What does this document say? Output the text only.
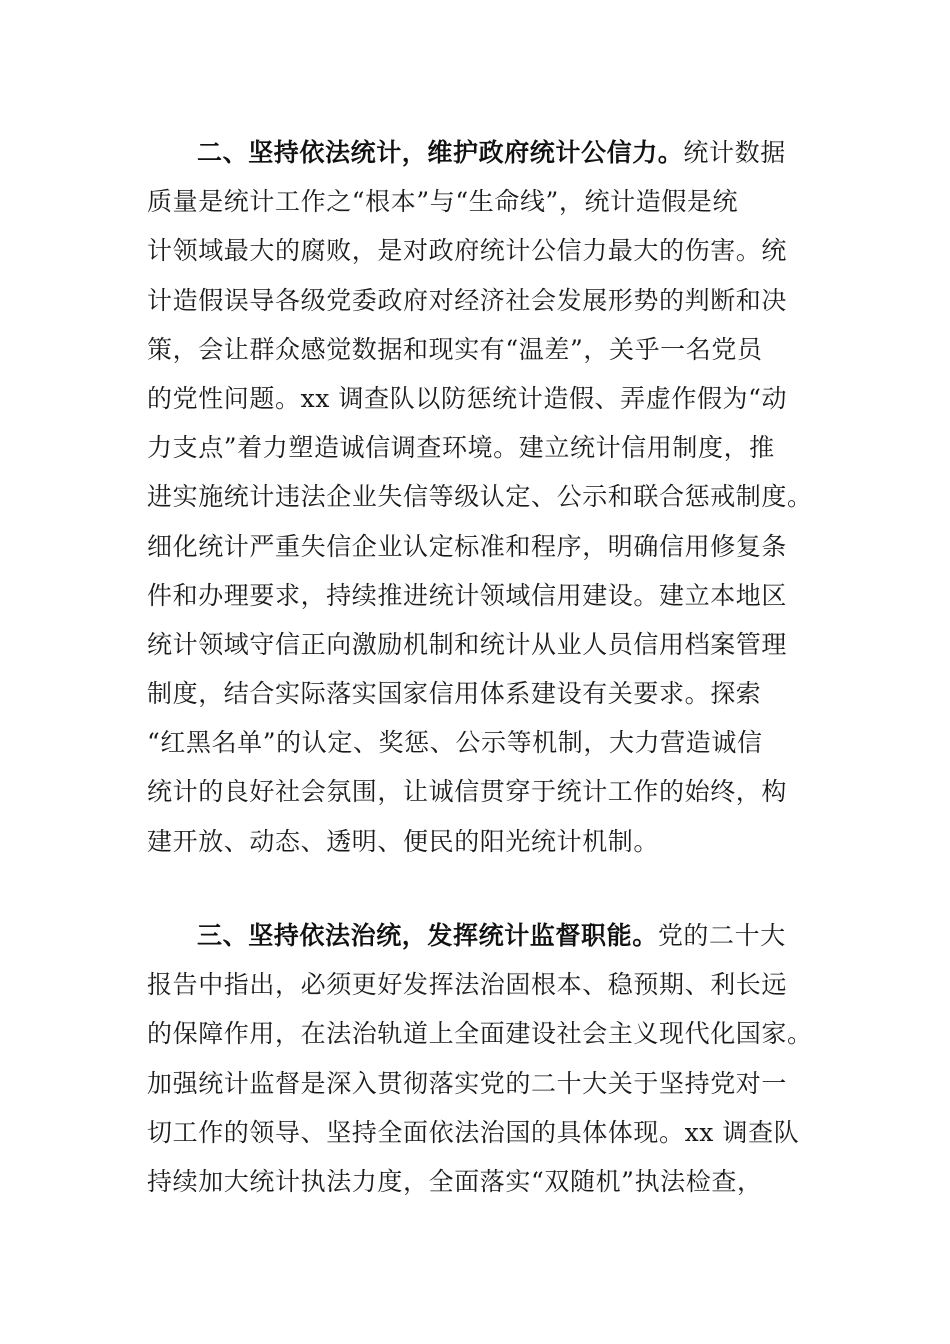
二、坚持依法统计，维护政府统计公信力。统计数据
质量是统计工作之“根本”与“生命线”，统计造假是统
计领域最大的腐败，是对政府统计公信力最大的伤害。统
计造假误导各级党委政府对经济社会发展形势的判断和决
策，会让群众感觉数据和现实有“温差”，关乎一名党员
的党性问题。xx 调查队以防惩统计造假、弄虚作假为“动
力支点”着力塑造诚信调查环境。建立统计信用制度，推
进实施统计违法企业失信等级认定、公示和联合惩戒制度。
细化统计严重失信企业认定标准和程序，明确信用修复条
件和办理要求，持续推进统计领域信用建设。建立本地区
统计领域守信正向激励机制和统计从业人员信用档案管理
制度，结合实际落实国家信用体系建设有关要求。探索
“红黑名单”的认定、奖惩、公示等机制，大力营造诚信
统计的良好社会氛围，让诚信贯穿于统计工作的始终，构
建开放、动态、透明、便民的阳光统计机制。
三、坚持依法治统，发挥统计监督职能。党的二十大
报告中指出，必须更好发挥法治固根本、稳预期、利长远
的保障作用，在法治轨道上全面建设社会主义现代化国家。
加强统计监督是深入贯彻落实党的二十大关于坚持党对一
切工作的领导、坚持全面依法治国的具体体现。xx 调查队
持续加大统计执法力度，全面落实“双随机”执法检查，
